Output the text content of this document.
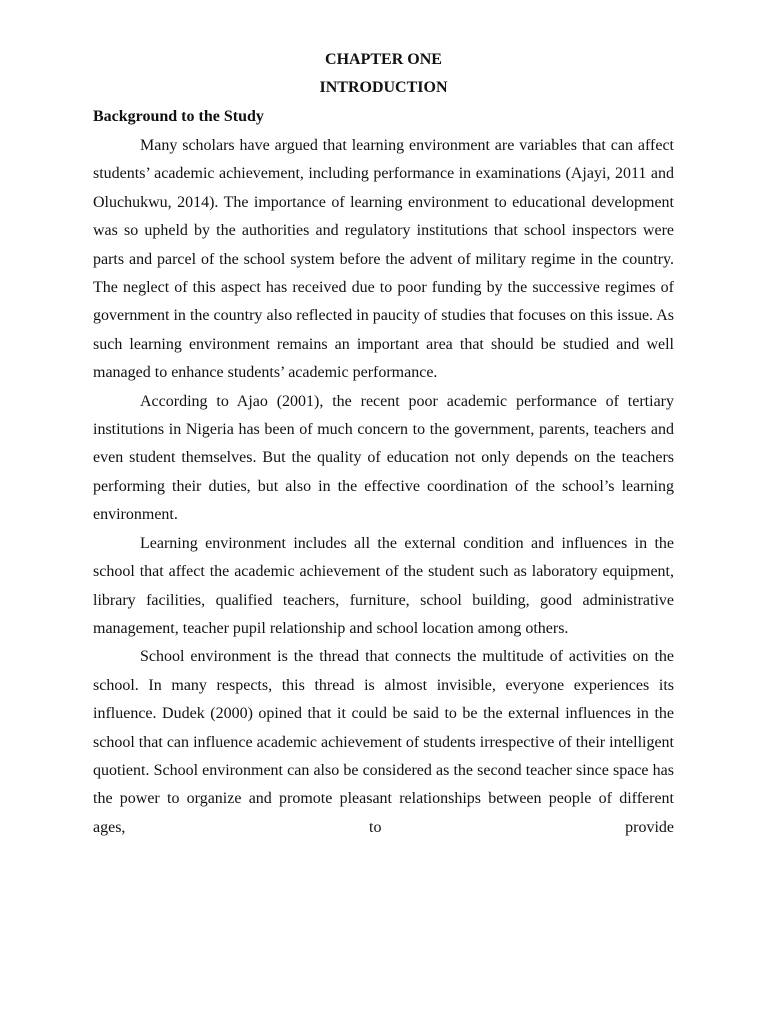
CHAPTER ONE

INTRODUCTION

Background to the Study

Many scholars have argued that learning environment are variables that can affect students’ academic achievement, including performance in examinations (Ajayi, 2011 and Oluchukwu, 2014). The importance of learning environment to educational development was so upheld by the authorities and regulatory institutions that school inspectors were parts and parcel of the school system before the advent of military regime in the country. The neglect of this aspect has received due to poor funding by the successive regimes of government in the country also reflected in paucity of studies that focuses on this issue. As such learning environment remains an important area that should be studied and well managed to enhance students’ academic performance.

According to Ajao (2001), the recent poor academic performance of tertiary institutions in Nigeria has been of much concern to the government, parents, teachers and even student themselves. But the quality of education not only depends on the teachers performing their duties, but also in the effective coordination of the school’s learning environment.

Learning environment includes all the external condition and influences in the school that affect the academic achievement of the student such as laboratory equipment, library facilities, qualified teachers, furniture, school building, good administrative management, teacher pupil relationship and school location among others.

School environment is the thread that connects the multitude of activities on the school. In many respects, this thread is almost invisible, everyone experiences its influence. Dudek (2000) opined that it could be said to be the external influences in the school that can influence academic achievement of students irrespective of their intelligent quotient. School environment can also be considered as the second teacher since space has the power to organize and promote pleasant relationships between people of different ages, to provide
